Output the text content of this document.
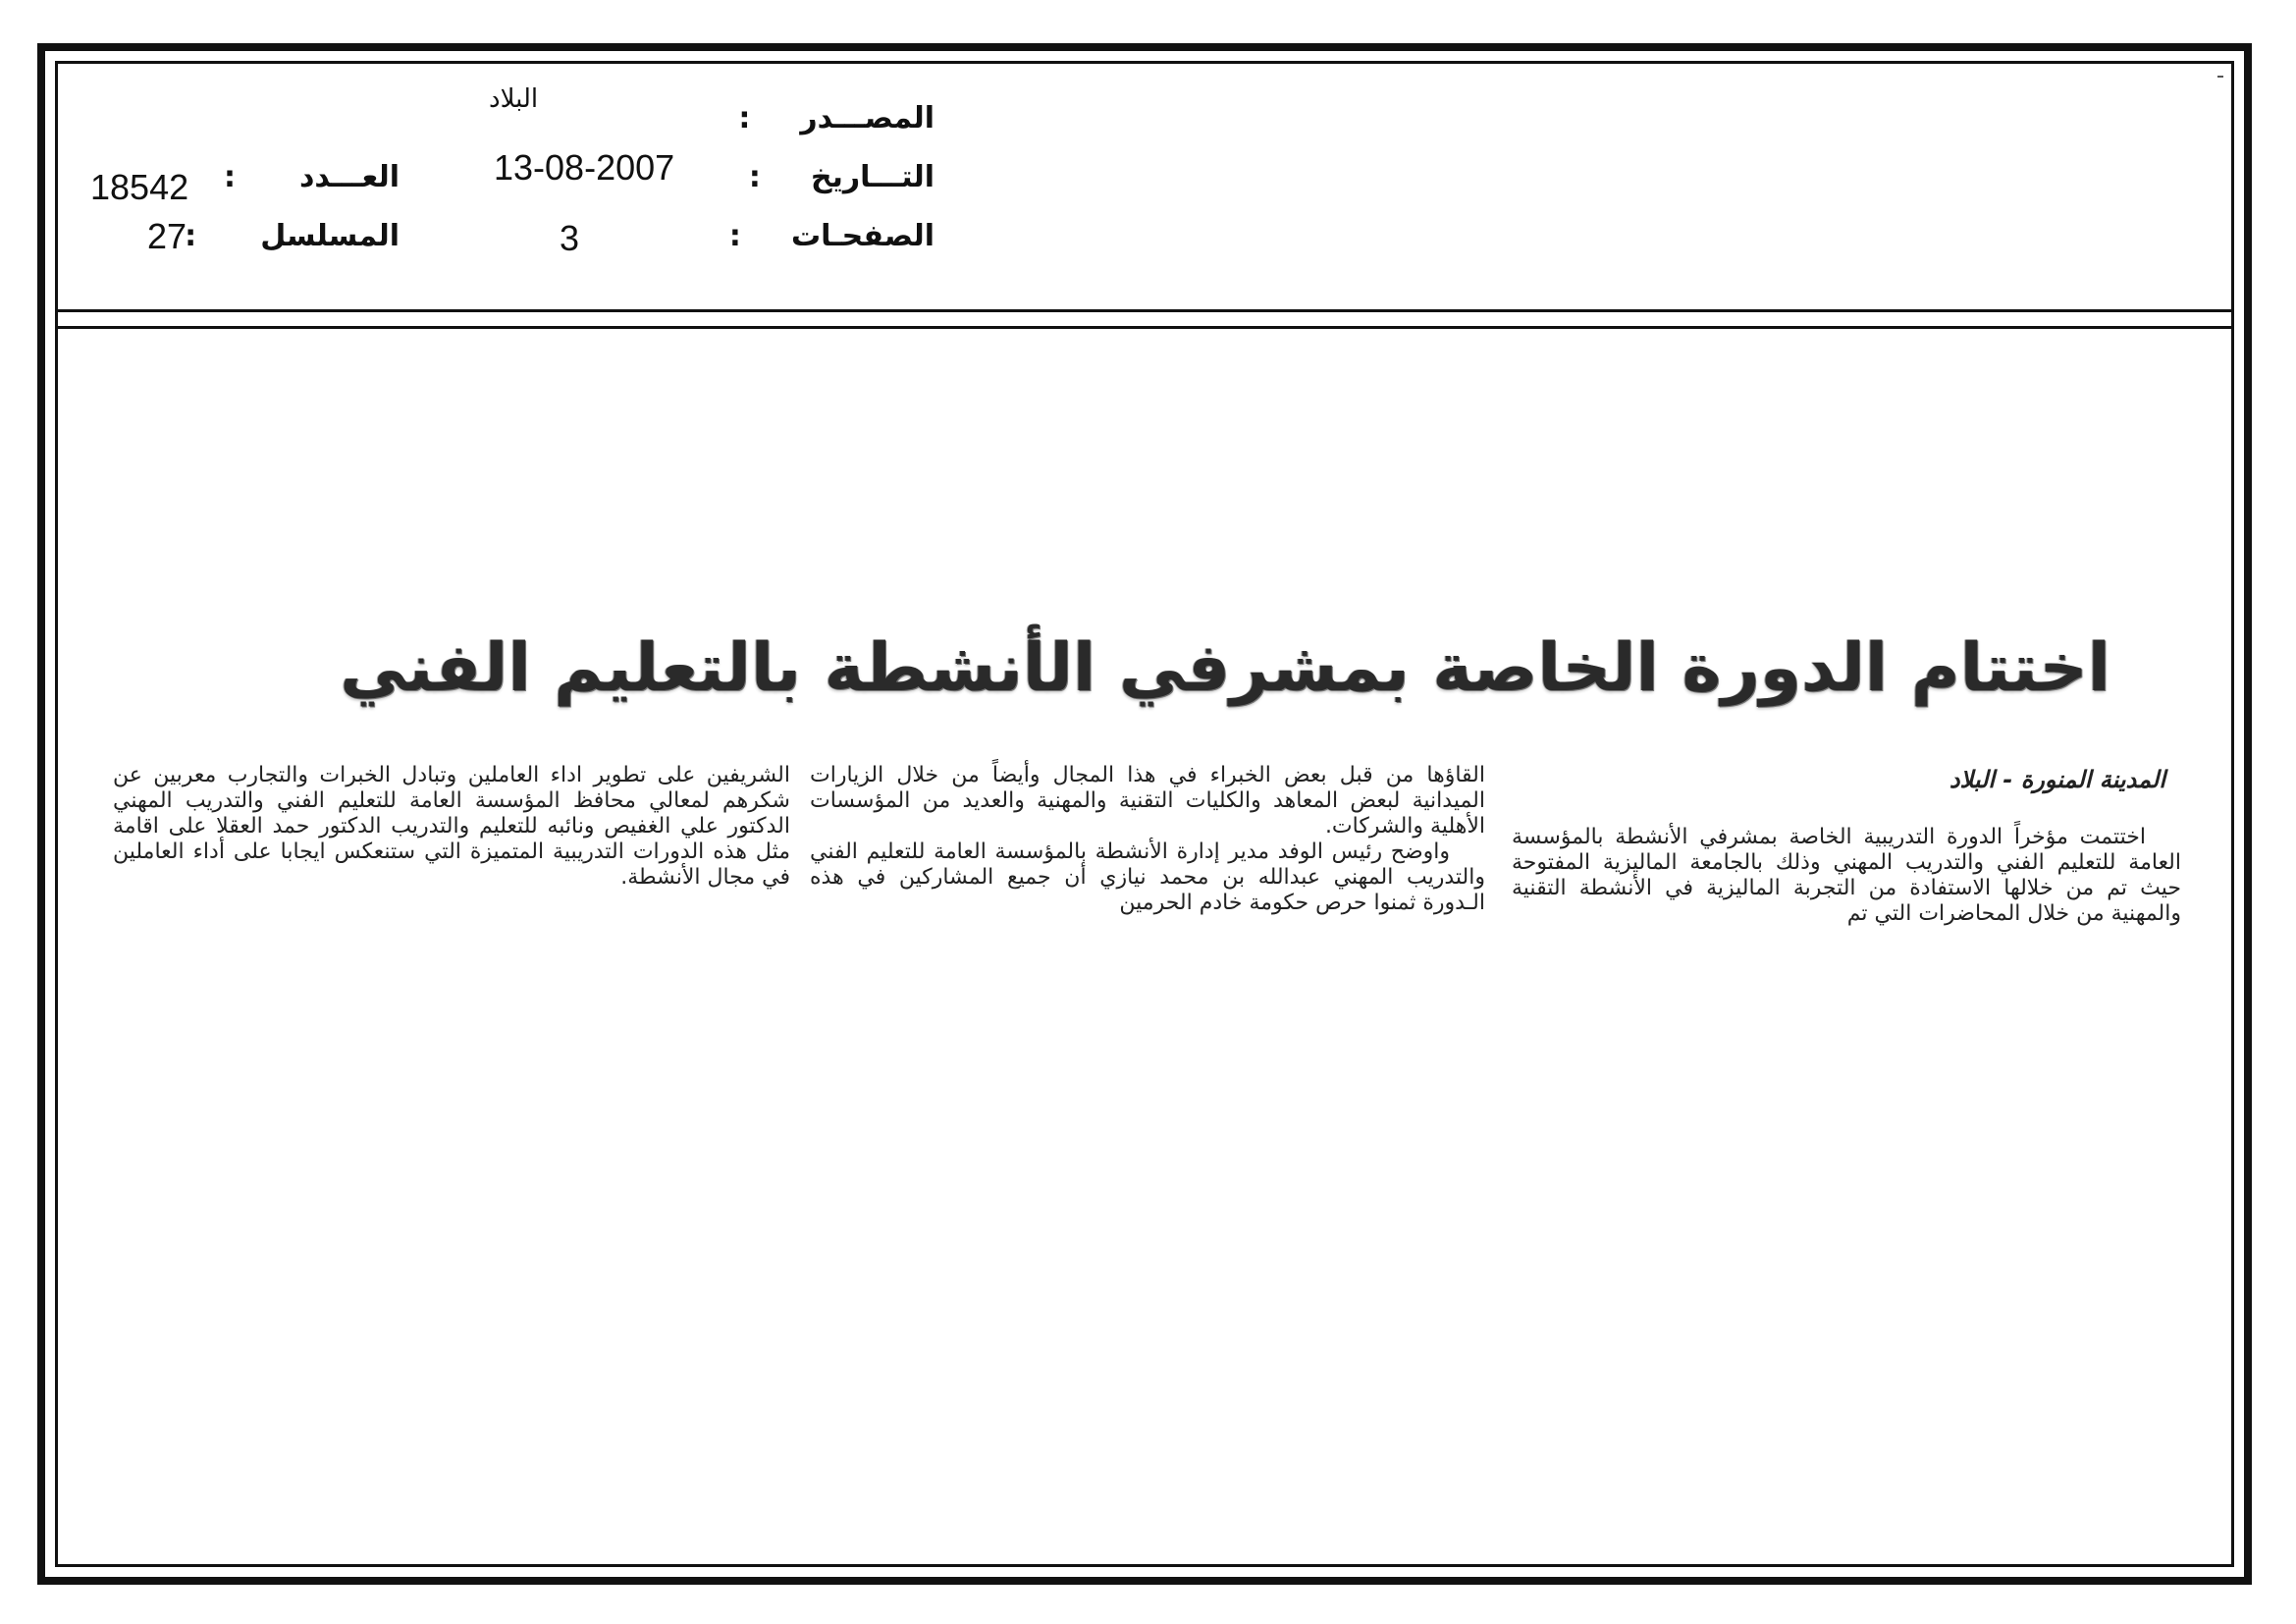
المصـــدر :
البلاد
التـــاريخ :
13-08-2007
الصفحـات :
3
العـــدد :
18542
المسلسل :
27
اختتام الدورة الخاصة بمشرفي الأنشطة بالتعليم الفني
المدينة المنورة - البلاد

اختتمت مؤخراً الدورة التدريبية الخاصة بمشرفي الأنشطة بالمؤسسة العامة للتعليم الفني والتدريب المهني وذلك بالجامعة الماليزية المفتوحة حيث تم من خلالها الاستفادة من التجربة الماليزية في الأنشطة التقنية والمهنية من خلال المحاضرات التي تم

القاؤها من قبل بعض الخبراء في هذا المجال وأيضاً من خلال الزيارات الميدانية لبعض المعاهد والكليات التقنية والمهنية والعديد من المؤسسات الأهلية والشركات.

واوضح رئيس الوفد مدير إدارة الأنشطة بالمؤسسة العامة للتعليم الفني والتدريب المهني عبدالله بن محمد نيازي أن جميع المشاركين في هذه الـدورة ثمنوا حرص حكومة خادم الحرمين

الشريفين على تطوير اداء العاملين وتبادل الخبرات والتجارب معربين عن شكرهم لمعالي محافظ المؤسسة العامة للتعليم الفني والتدريب المهني الدكتور علي الغفيص ونائبه للتعليم والتدريب الدكتور حمد العقلا على اقامة مثل هذه الدورات التدريبية المتميزة التي ستنعكس ايجابا على أداء العاملين في مجال الأنشطة.
